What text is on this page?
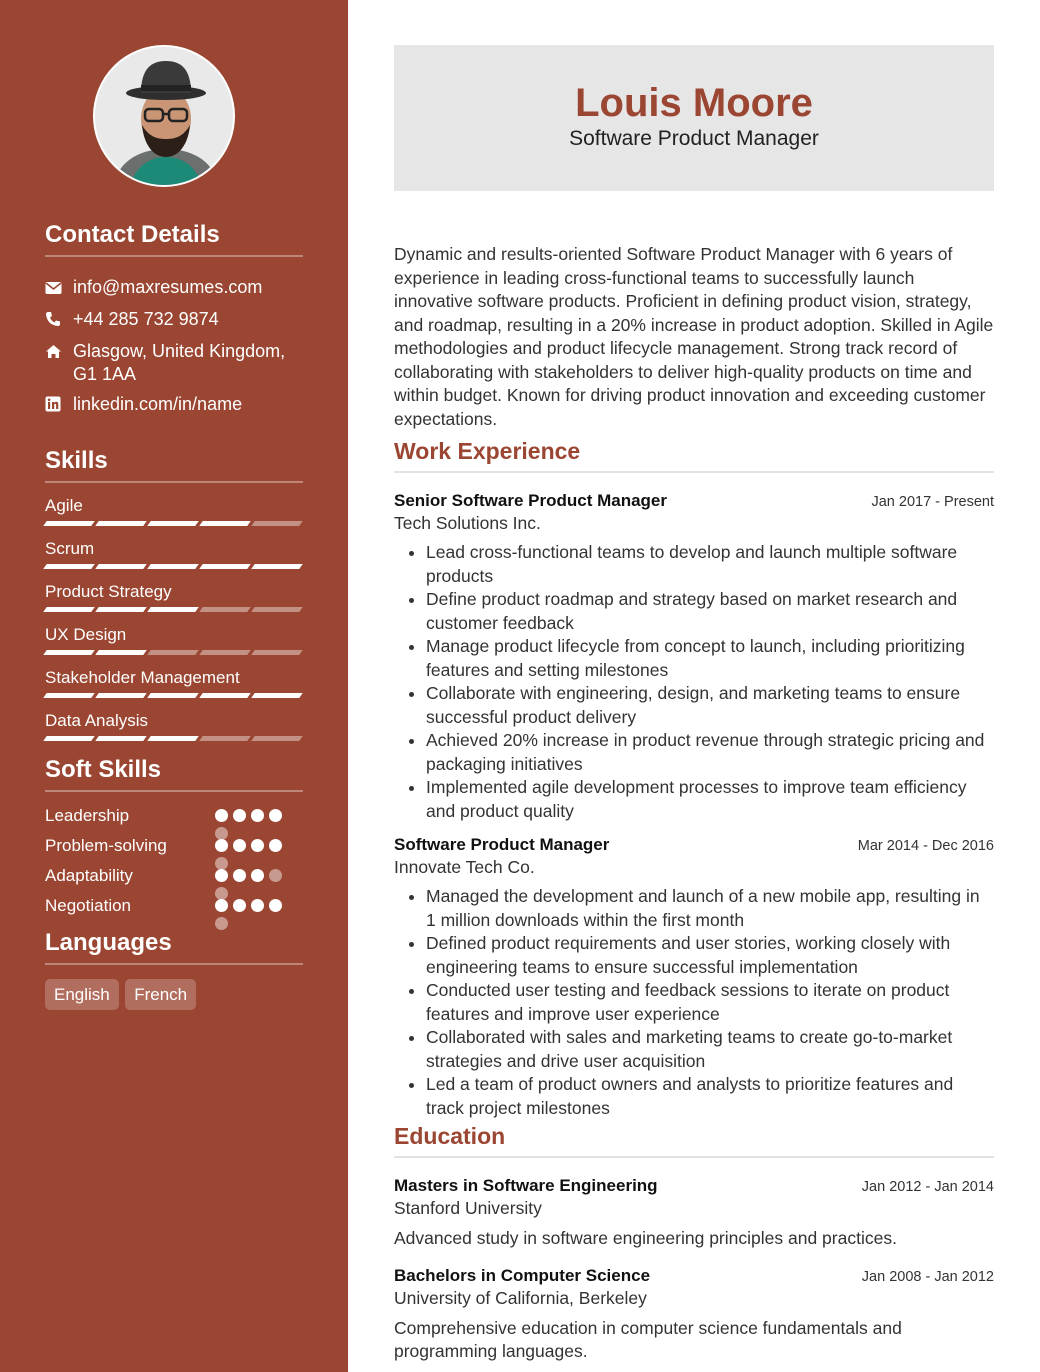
Contact Details
info@maxresumes.com
+44 285 732 9874
Glasgow, United Kingdom, G1 1AA
linkedin.com/in/name
Skills
Agile
Scrum
Product Strategy
UX Design
Stakeholder Management
Data Analysis
Soft Skills
Leadership
Problem-solving
Adaptability
Negotiation
Languages
English French
Louis Moore
Software Product Manager

Dynamic and results-oriented Software Product Manager with 6 years of experience in leading cross-functional teams to successfully launch innovative software products. Proficient in defining product vision, strategy, and roadmap, resulting in a 20% increase in product adoption. Skilled in Agile methodologies and product lifecycle management. Strong track record of collaborating with stakeholders to deliver high-quality products on time and within budget. Known for driving product innovation and exceeding customer expectations.

Work Experience
Senior Software Product Manager	Jan 2017 - Present
Tech Solutions Inc.
• Lead cross-functional teams to develop and launch multiple software products
• Define product roadmap and strategy based on market research and customer feedback
• Manage product lifecycle from concept to launch, including prioritizing features and setting milestones
• Collaborate with engineering, design, and marketing teams to ensure successful product delivery
• Achieved 20% increase in product revenue through strategic pricing and packaging initiatives
• Implemented agile development processes to improve team efficiency and product quality
Software Product Manager	Mar 2014 - Dec 2016
Innovate Tech Co.
• Managed the development and launch of a new mobile app, resulting in 1 million downloads within the first month
• Defined product requirements and user stories, working closely with engineering teams to ensure successful implementation
• Conducted user testing and feedback sessions to iterate on product features and improve user experience
• Collaborated with sales and marketing teams to create go-to-market strategies and drive user acquisition
• Led a team of product owners and analysts to prioritize features and track project milestones
Education
Masters in Software Engineering	Jan 2012 - Jan 2014
Stanford University
Advanced study in software engineering principles and practices.
Bachelors in Computer Science	Jan 2008 - Jan 2012
University of California, Berkeley
Comprehensive education in computer science fundamentals and programming languages.
